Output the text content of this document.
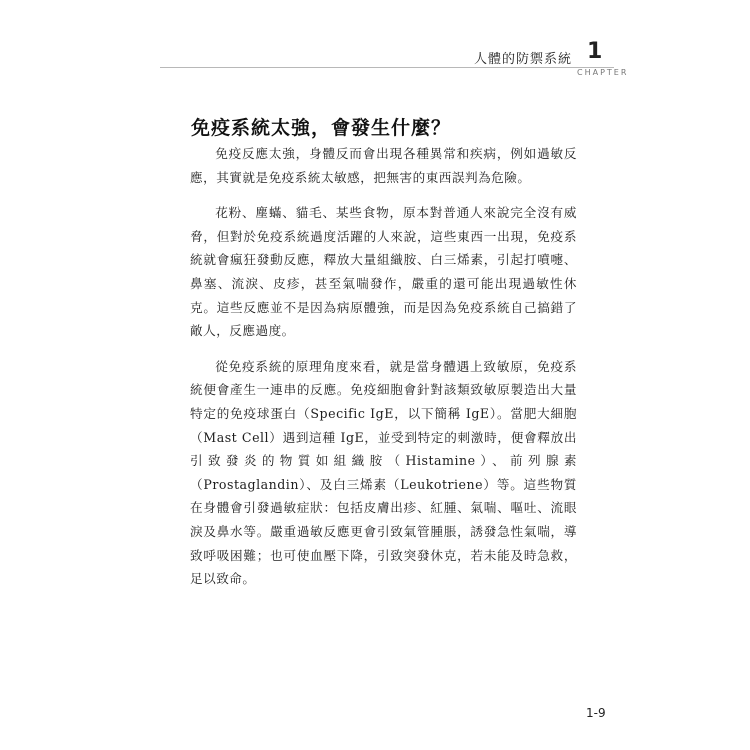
人體的防禦系統 1
CHAPTER
免疫系統太強，會發生什麼？

免疫反應太強，身體反而會出現各種異常和疾病，例如過敏反應，其實就是免疫系統太敏感，把無害的東西誤判為危險。

花粉、塵蟎、貓毛、某些食物，原本對普通人來說完全沒有威脅，但對於免疫系統過度活躍的人來說，這些東西一出現，免疫系統就會瘋狂發動反應，釋放大量組織胺、白三烯素，引起打噴嚏、鼻塞、流淚、皮疹，甚至氣喘發作，嚴重的還可能出現過敏性休克。這些反應並不是因為病原體強，而是因為免疫系統自己搞錯了敵人，反應過度。

從免疫系統的原理角度來看，就是當身體遇上致敏原，免疫系統便會產生一連串的反應。免疫細胞會針對該類致敏原製造出大量特定的免疫球蛋白（Specific IgE，以下簡稱 IgE）。當肥大細胞（Mast Cell）遇到這種 IgE，並受到特定的刺激時，便會釋放出引致發炎的物質如組織胺（Histamine）、前列腺素（Prostaglandin）、及白三烯素（Leukotriene）等。這些物質在身體會引發過敏症狀：包括皮膚出疹、紅腫、氣喘、嘔吐、流眼淚及鼻水等。嚴重過敏反應更會引致氣管腫脹，誘發急性氣喘，導致呼吸困難；也可使血壓下降，引致突發休克，若未能及時急救，足以致命。

1-9
